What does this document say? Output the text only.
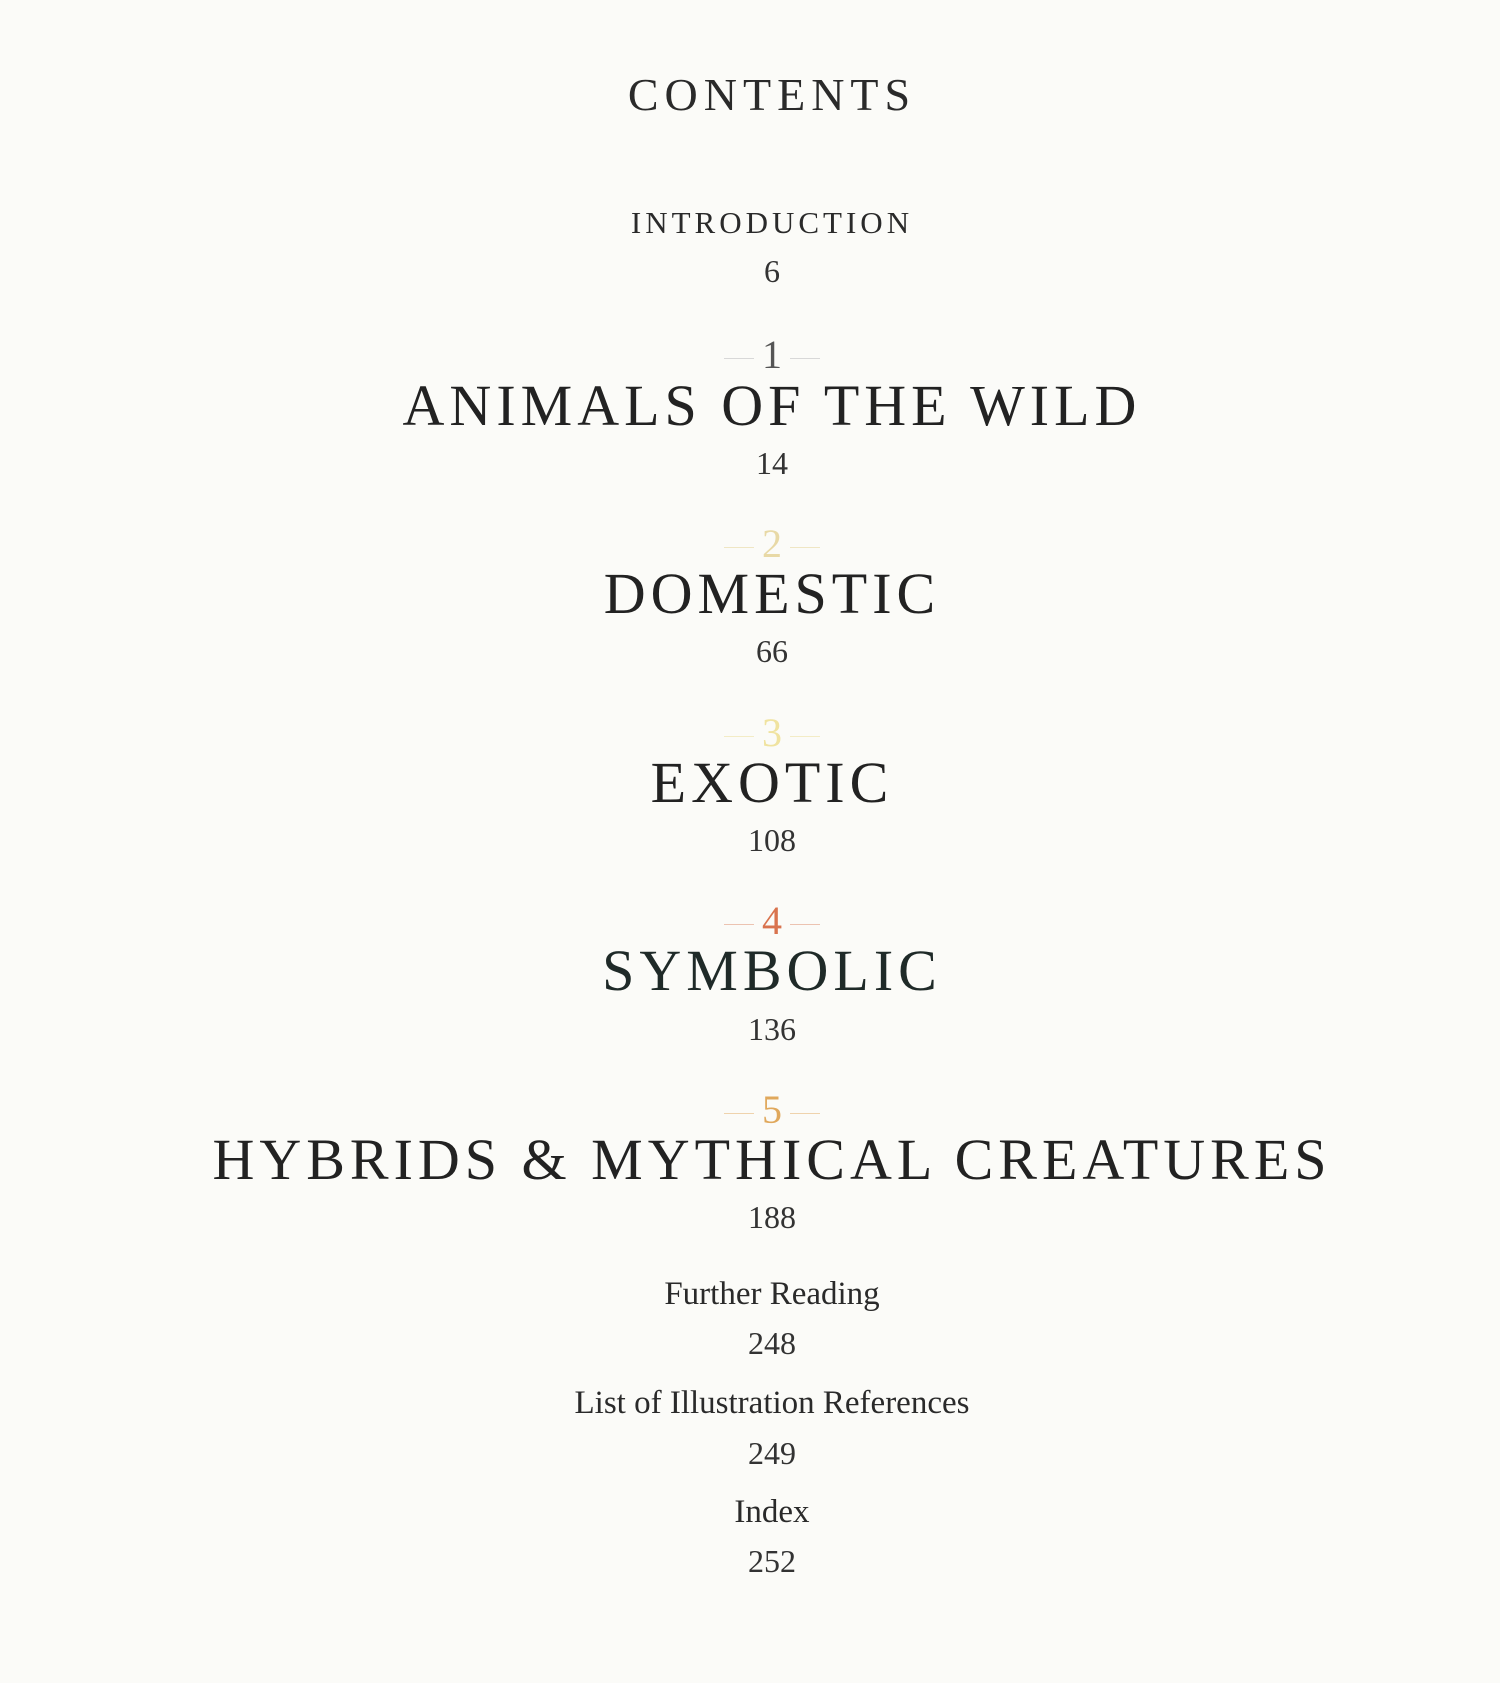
CONTENTS
INTRODUCTION
6
1
ANIMALS OF THE WILD
14
2
DOMESTIC
66
3
EXOTIC
108
4
SYMBOLIC
136
5
HYBRIDS & MYTHICAL CREATURES
188
Further Reading
248
List of Illustration References
249
Index
252
